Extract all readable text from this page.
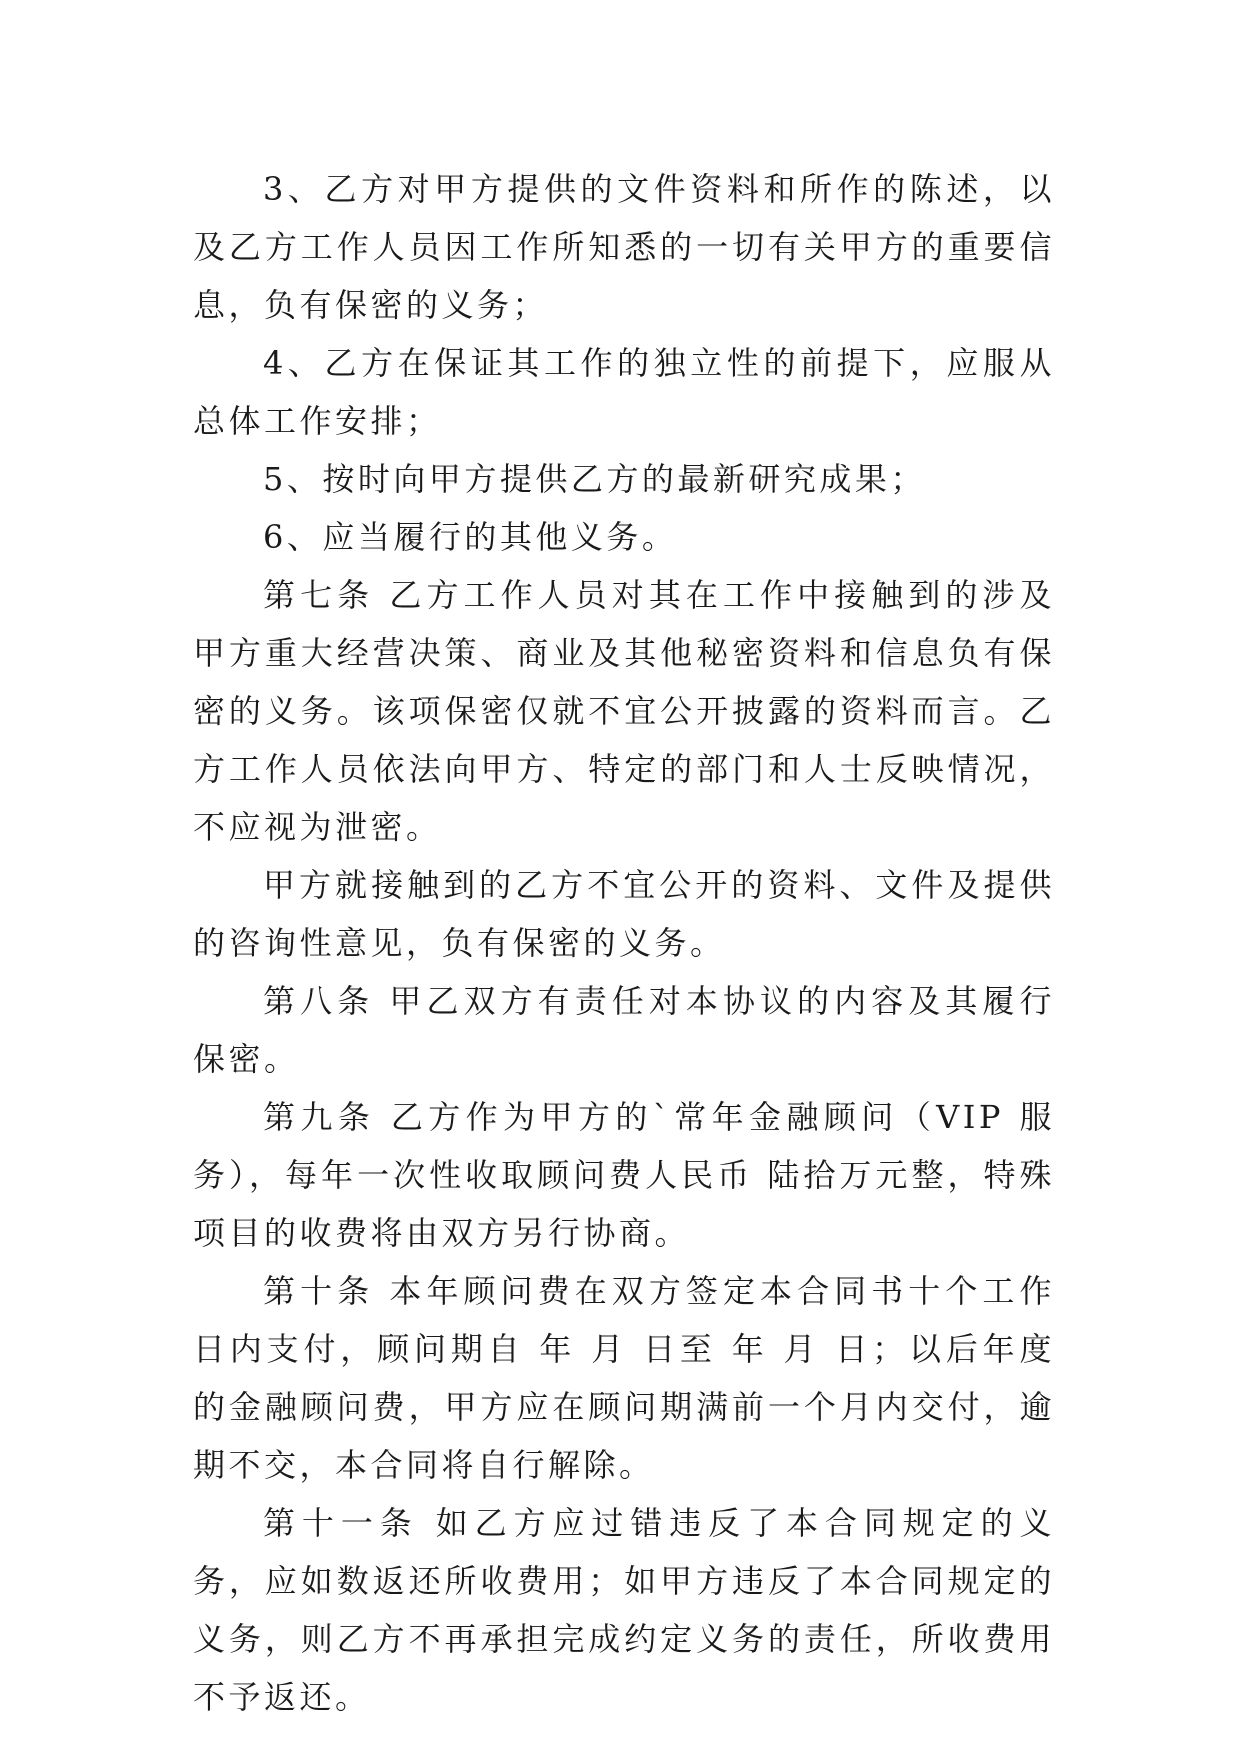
3、乙方对甲方提供的文件资料和所作的陈述，以及乙方工作人员因工作所知悉的一切有关甲方的重要信息，负有保密的义务；

4、乙方在保证其工作的独立性的前提下，应服从总体工作安排；

5、按时向甲方提供乙方的最新研究成果；

6、应当履行的其他义务。

第七条 乙方工作人员对其在工作中接触到的涉及甲方重大经营决策、商业及其他秘密资料和信息负有保密的义务。该项保密仅就不宜公开披露的资料而言。乙方工作人员依法向甲方、特定的部门和人士反映情况，不应视为泄密。

甲方就接触到的乙方不宜公开的资料、文件及提供的咨询性意见，负有保密的义务。

第八条 甲乙双方有责任对本协议的内容及其履行保密。

第九条 乙方作为甲方的`常年金融顾问（VIP 服务），每年一次性收取顾问费人民币 陆拾万元整，特殊项目的收费将由双方另行协商。

第十条 本年顾问费在双方签定本合同书十个工作日内支付，顾问期自 年 月 日至 年 月 日；以后年度的金融顾问费，甲方应在顾问期满前一个月内交付，逾期不交，本合同将自行解除。

第十一条 如乙方应过错违反了本合同规定的义务，应如数返还所收费用；如甲方违反了本合同规定的义务，则乙方不再承担完成约定义务的责任，所收费用不予返还。
